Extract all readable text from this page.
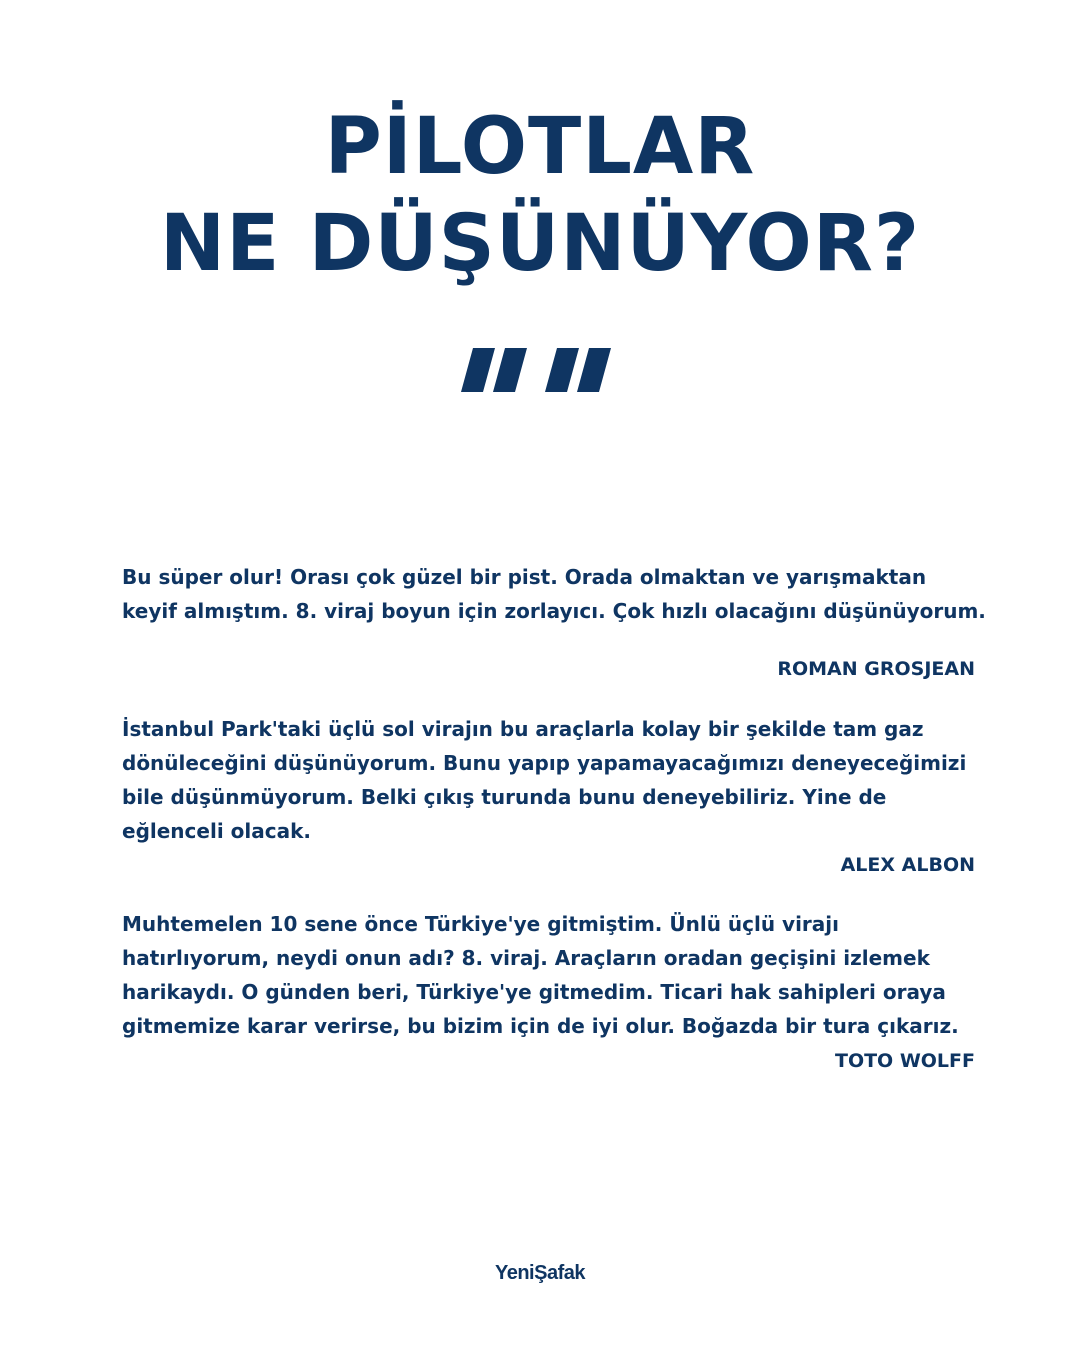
PİLOTLAR
NE DÜŞÜNÜYOR?

Bu süper olur! Orası çok güzel bir pist. Orada olmaktan ve yarışmaktan
keyif almıştım. 8. viraj boyun için zorlayıcı. Çok hızlı olacağını düşünüyorum.

ROMAN GROSJEAN

İstanbul Park'taki üçlü sol virajın bu araçlarla kolay bir şekilde tam gaz
dönüleceğini düşünüyorum. Bunu yapıp yapamayacağımızı deneyeceğimizi
bile düşünmüyorum. Belki çıkış turunda bunu deneyebiliriz. Yine de
eğlenceli olacak.

ALEX ALBON

Muhtemelen 10 sene önce Türkiye'ye gitmiştim. Ünlü üçlü virajı
hatırlıyorum, neydi onun adı? 8. viraj. Araçların oradan geçişini izlemek
harikaydı. O günden beri, Türkiye'ye gitmedim. Ticari hak sahipleri oraya
gitmemize karar verirse, bu bizim için de iyi olur. Boğazda bir tura çıkarız.

TOTO WOLFF
YeniŞafak
